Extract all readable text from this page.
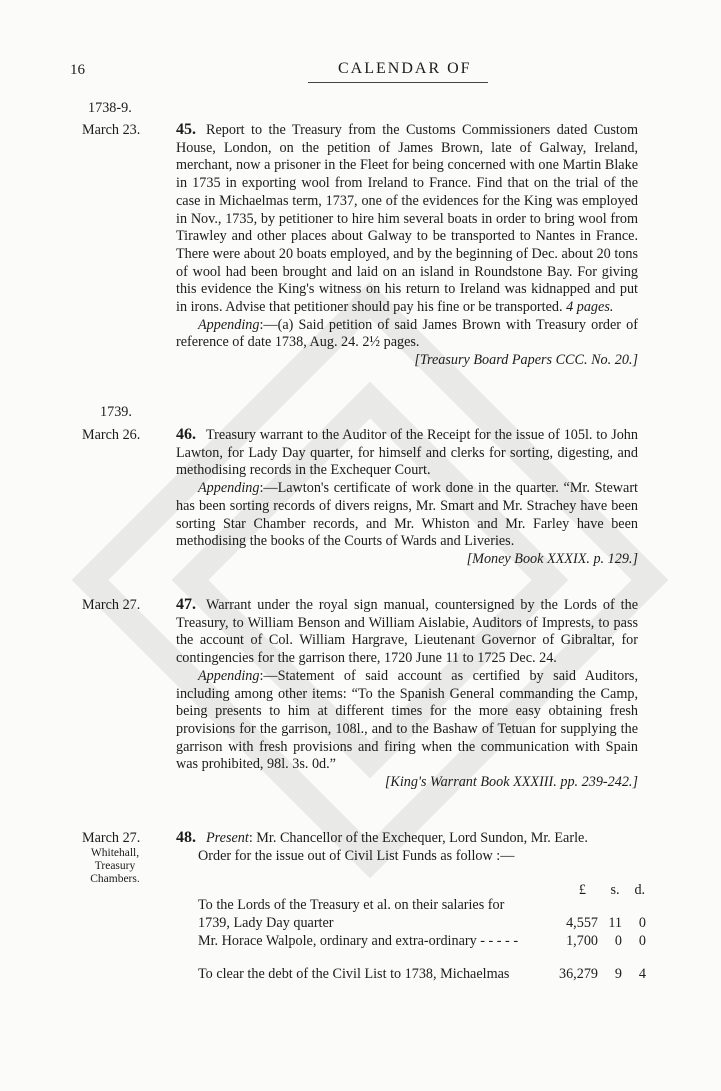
16	CALENDAR OF
1738-9.
March 23. 45. Report to the Treasury from the Customs Commissioners dated Custom House, London, on the petition of James Brown, late of Galway, Ireland, merchant, now a prisoner in the Fleet for being concerned with one Martin Blake in 1735 in exporting wool from Ireland to France. Find that on the trial of the case in Michaelmas term, 1737, one of the evidences for the King was employed in Nov., 1735, by petitioner to hire him several boats in order to bring wool from Tirawley and other places about Galway to be transported to Nantes in France. There were about 20 boats employed, and by the beginning of Dec. about 20 tons of wool had been brought and laid on an island in Roundstone Bay. For giving this evidence the King's witness on his return to Ireland was kidnapped and put in irons. Advise that petitioner should pay his fine or be transported. 4 pages.

Appending:—(a) Said petition of said James Brown with Treasury order of reference of date 1738, Aug. 24. 2½ pages.

[Treasury Board Papers CCC. No. 20.]

1739.
March 26. 46. Treasury warrant to the Auditor of the Receipt for the issue of 105l. to John Lawton, for Lady Day quarter, for himself and clerks for sorting, digesting, and methodising records in the Exchequer Court.

Appending:—Lawton's certificate of work done in the quarter. “Mr. Stewart has been sorting records of divers reigns, Mr. Smart and Mr. Strachey have been sorting Star Chamber records, and Mr. Whiston and Mr. Farley have been methodising the books of the Courts of Wards and Liveries.
[Money Book XXXIX. p. 129.]

March 27. 47. Warrant under the royal sign manual, countersigned by the Lords of the Treasury, to William Benson and William Aislabie, Auditors of Imprests, to pass the account of Col. William Hargrave, Lieutenant Governor of Gibraltar, for contingencies for the garrison there, 1720 June 11 to 1725 Dec. 24.

Appending:—Statement of said account as certified by said Auditors, including among other items: “To the Spanish General commanding the Camp, being presents to him at different times for the more easy obtaining fresh provisions for the garrison, 108l., and to the Bashaw of Tetuan for supplying the garrison with fresh provisions and firing when the communication with Spain was prohibited, 98l. 3s. 0d.”

[King's Warrant Book XXXIII. pp. 239-242.]

March 27.
Whitehall,
Treasury
Chambers.

48. Present: Mr. Chancellor of the Exchequer, Lord Sundon, Mr. Earle.

Order for the issue out of Civil List Funds as follow :—

£ s. d.
To the Lords of the Treasury et al. on their salaries for 1739, Lady Day quarter	4,557 11	0
Mr. Horace Walpole, ordinary and extra-ordinary - - - - -	1,700	0	0
To clear the debt of the Civil List to 1738, Michaelmas	36,279	9	4
